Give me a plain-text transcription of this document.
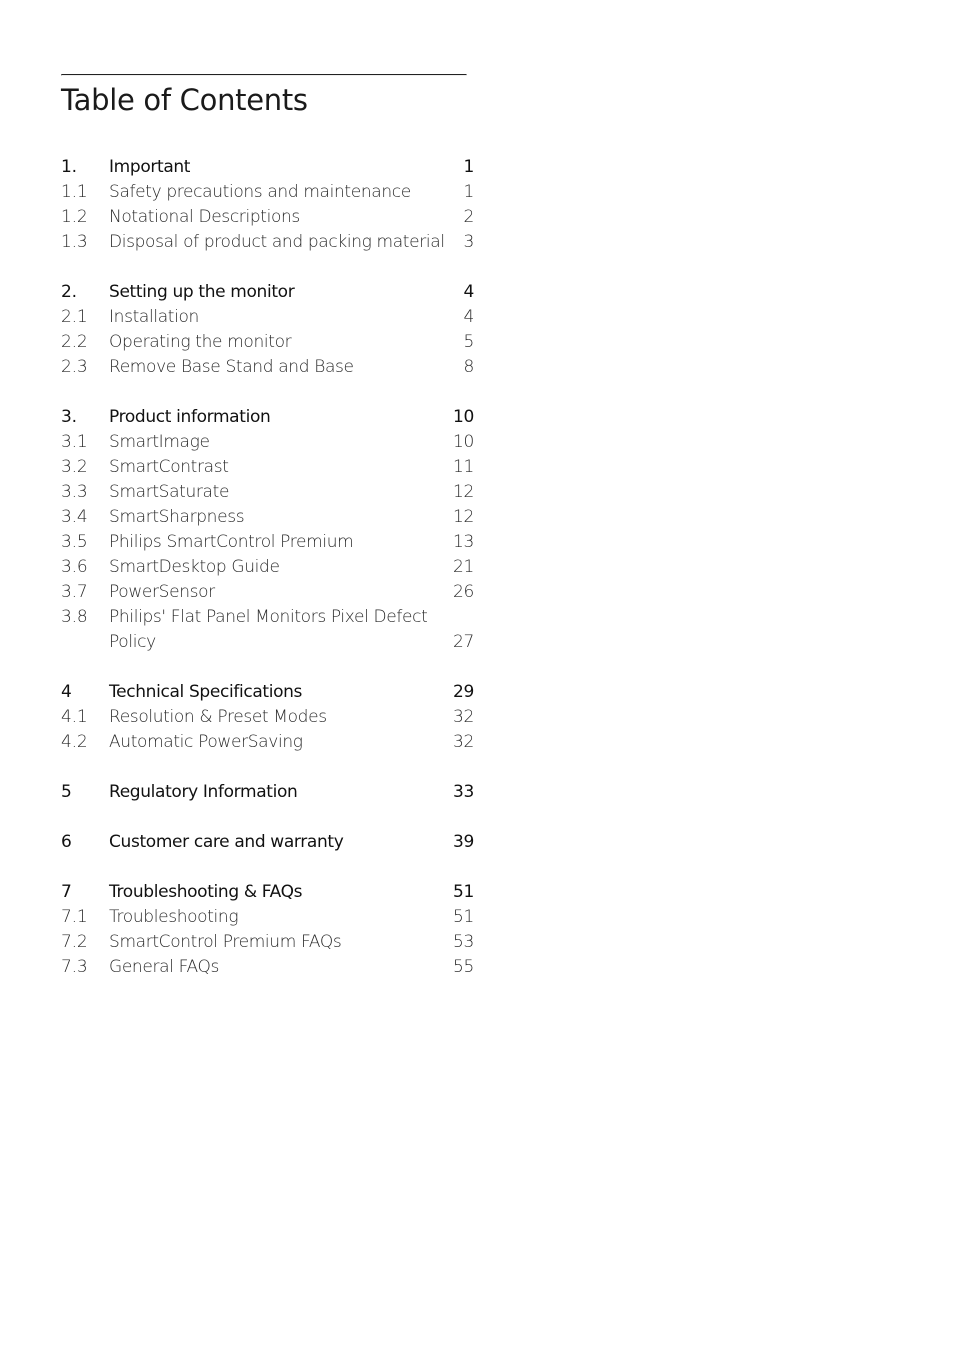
Table of Contents
1.	Important	1
1.1	Safety precautions and maintenance	1
1.2	Notational Descriptions	2
1.3	Disposal of product and packing material 3
2.	Setting up the monitor	4
2.1	Installation	4
2.2	Operating the monitor	5
2.3	Remove Base Stand and Base	8
3.	Product information	10
3.1	SmartImage	10
3.2	SmartContrast	11
3.3	SmartSaturate	12
3.4	SmartSharpness	12
3.5	Philips SmartControl Premium	13
3.6	SmartDesktop Guide	21
3.7	PowerSensor	26
3.8	Philips' Flat Panel Monitors Pixel Defect
Policy	27
4	Technical Specifications	29
4.1	Resolution & Preset Modes	32
4.2	Automatic PowerSaving	32
5	Regulatory Information	33
6	Customer care and warranty	39
7	Troubleshooting & FAQs	51
7.1	Troubleshooting	51
7.2	SmartControl Premium FAQs	53
7.3	General FAQs	55
